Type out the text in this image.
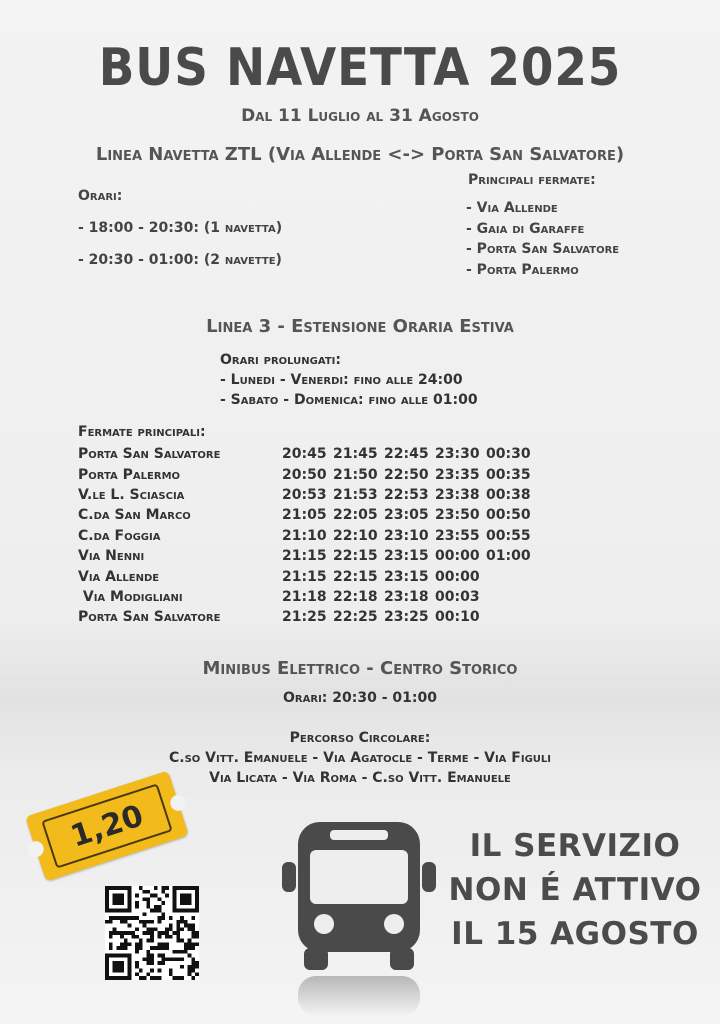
BUS NAVETTA 2025
Dal 11 Luglio al 31 Agosto
Linea Navetta ZTL (Via Allende <-> Porta San Salvatore)
Orari:
- 18:00 - 20:30: (1 navetta)
- 20:30 - 01:00: (2 navette)
Principali fermate:
- Via Allende
- Gaia di Garaffe
- Porta San Salvatore
- Porta Palermo
Linea 3 - Estensione Oraria Estiva
Orari prolungati:
- Lunedi - Venerdi: fino alle 24:00
- Sabato - Domenica: fino alle 01:00
Fermate principali:
Porta San Salvatore	20:45 21:45 22:45 23:30 00:30
Porta Palermo	20:50 21:50 22:50 23:35 00:35
V.le L. Sciascia	20:53 21:53 22:53 23:38 00:38
C.da San Marco	21:05 22:05 23:05 23:50 00:50
C.da Foggia	21:10 22:10 23:10 23:55 00:55
Via Nenni	21:15 22:15 23:15 00:00 01:00
Via Allende	21:15 22:15 23:15 00:00
Via Modigliani	21:18 22:18 23:18 00:03
Porta San Salvatore	21:25 22:25 23:25 00:10
Minibus Elettrico - Centro Storico
Orari: 20:30 - 01:00
Percorso Circolare:
C.so Vitt. Emanuele - Via Agatocle - Terme - Via Figuli
Via Licata - Via Roma - C.so Vitt. Emanuele
1,20	IL SERVIZIO
NON É ATTIVO
IL 15 AGOSTO
